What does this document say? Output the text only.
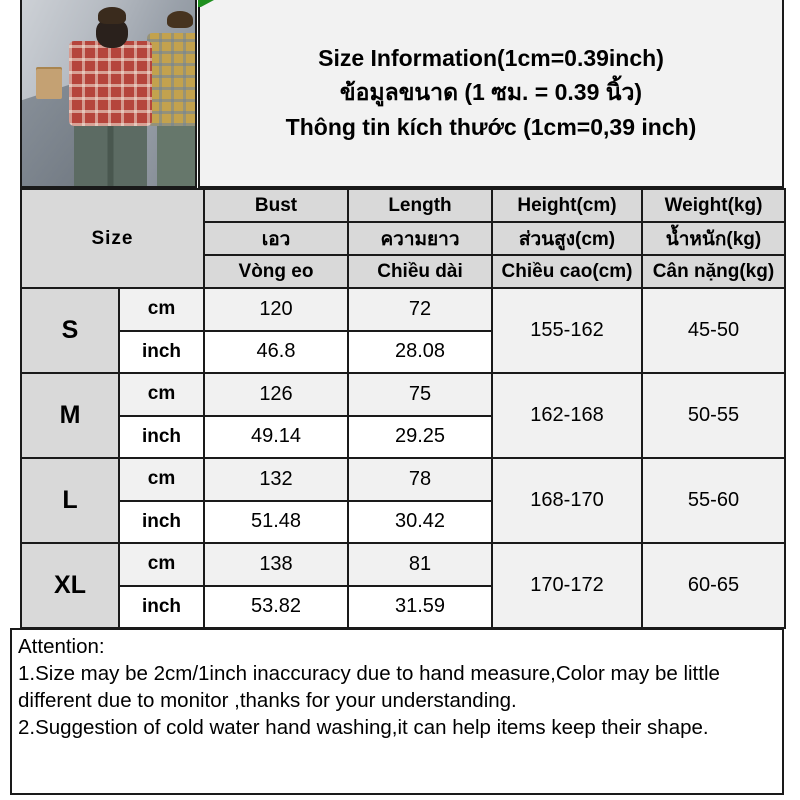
Size Information(1cm=0.39inch)
ข้อมูลขนาด (1 ซม. = 0.39 นิ้ว)
Thông tin kích thước (1cm=0,39 inch)
Size		Bust	Length	Height(cm)	Weight(kg)
		เอว	ความยาว	ส่วนสูง(cm)	น้ำหนัก(kg)
		Vòng eo	Chiều dài	Chiều cao(cm)	Cân nặng(kg)
S	cm	120	72	155-162	45-50
	inch	46.8	28.08		
M	cm	126	75	162-168	50-55
	inch	49.14	29.25		
L	cm	132	78	168-170	55-60
	inch	51.48	30.42		
XL	cm	138	81	170-172	60-65
	inch	53.82	31.59		
Attention:
1.Size may be 2cm/1inch inaccuracy due to hand measure,Color may be little different due to monitor ,thanks for your understanding.
2.Suggestion of cold water hand washing,it can help items keep their shape.
